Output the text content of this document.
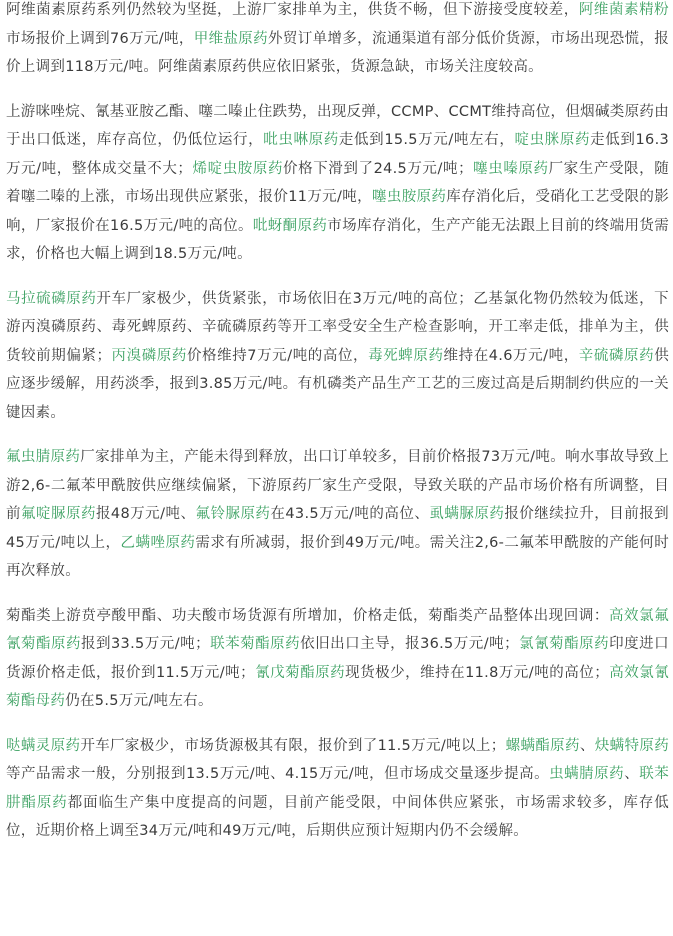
阿维菌素原药系列仍然较为坚挺，上游厂家排单为主，供货不畅，但下游接受度较差，阿维菌素精粉市场报价上调到76万元/吨，甲维盐原药外贸订单增多，流通渠道有部分低价货源，市场出现恐慌，报价上调到118万元/吨。阿维菌素原药供应依旧紧张，货源急缺，市场关注度较高。

上游咪唑烷、氰基亚胺乙酯、噻二嗪止住跌势，出现反弹，CCMP、CCMT维持高位，但烟碱类原药由于出口低迷，库存高位，仍低位运行，吡虫啉原药走低到15.5万元/吨左右，啶虫脒原药走低到16.3万元/吨，整体成交量不大；烯啶虫胺原药价格下滑到了24.5万元/吨；噻虫嗪原药厂家生产受限，随着噻二嗪的上涨，市场出现供应紧张，报价11万元/吨，噻虫胺原药库存消化后，受硝化工艺受限的影响，厂家报价在16.5万元/吨的高位。吡蚜酮原药市场库存消化，生产产能无法跟上目前的终端用货需求，价格也大幅上调到18.5万元/吨。

马拉硫磷原药开车厂家极少，供货紧张，市场依旧在3万元/吨的高位；乙基氯化物仍然较为低迷，下游丙溴磷原药、毒死蜱原药、辛硫磷原药等开工率受安全生产检查影响，开工率走低，排单为主，供货较前期偏紧；丙溴磷原药价格维持7万元/吨的高位，毒死蜱原药维持在4.6万元/吨，辛硫磷原药供应逐步缓解，用药淡季，报到3.85万元/吨。有机磷类产品生产工艺的三废过高是后期制约供应的一关键因素。

氟虫腈原药厂家排单为主，产能未得到释放，出口订单较多，目前价格报73万元/吨。响水事故导致上游2,6-二氟苯甲酰胺供应继续偏紧，下游原药厂家生产受限，导致关联的产品市场价格有所调整，目前氟啶脲原药报48万元/吨、氟铃脲原药在43.5万元/吨的高位、虱螨脲原药报价继续拉升，目前报到45万元/吨以上，乙螨唑原药需求有所减弱，报价到49万元/吨。需关注2,6-二氟苯甲酰胺的产能何时再次释放。

菊酯类上游贲亭酸甲酯、功夫酸市场货源有所增加，价格走低，菊酯类产品整体出现回调：高效氯氟氰菊酯原药报到33.5万元/吨；联苯菊酯原药依旧出口主导，报36.5万元/吨；氯氰菊酯原药印度进口货源价格走低，报价到11.5万元/吨；氰戊菊酯原药现货极少，维持在11.8万元/吨的高位；高效氯氰菊酯母药仍在5.5万元/吨左右。

哒螨灵原药开车厂家极少，市场货源极其有限，报价到了11.5万元/吨以上；螺螨酯原药、炔螨特原药等产品需求一般，分别报到13.5万元/吨、4.15万元/吨，但市场成交量逐步提高。虫螨腈原药、联苯肼酯原药都面临生产集中度提高的问题，目前产能受限，中间体供应紧张，市场需求较多，库存低位，近期价格上调至34万元/吨和49万元/吨，后期供应预计短期内仍不会缓解。
